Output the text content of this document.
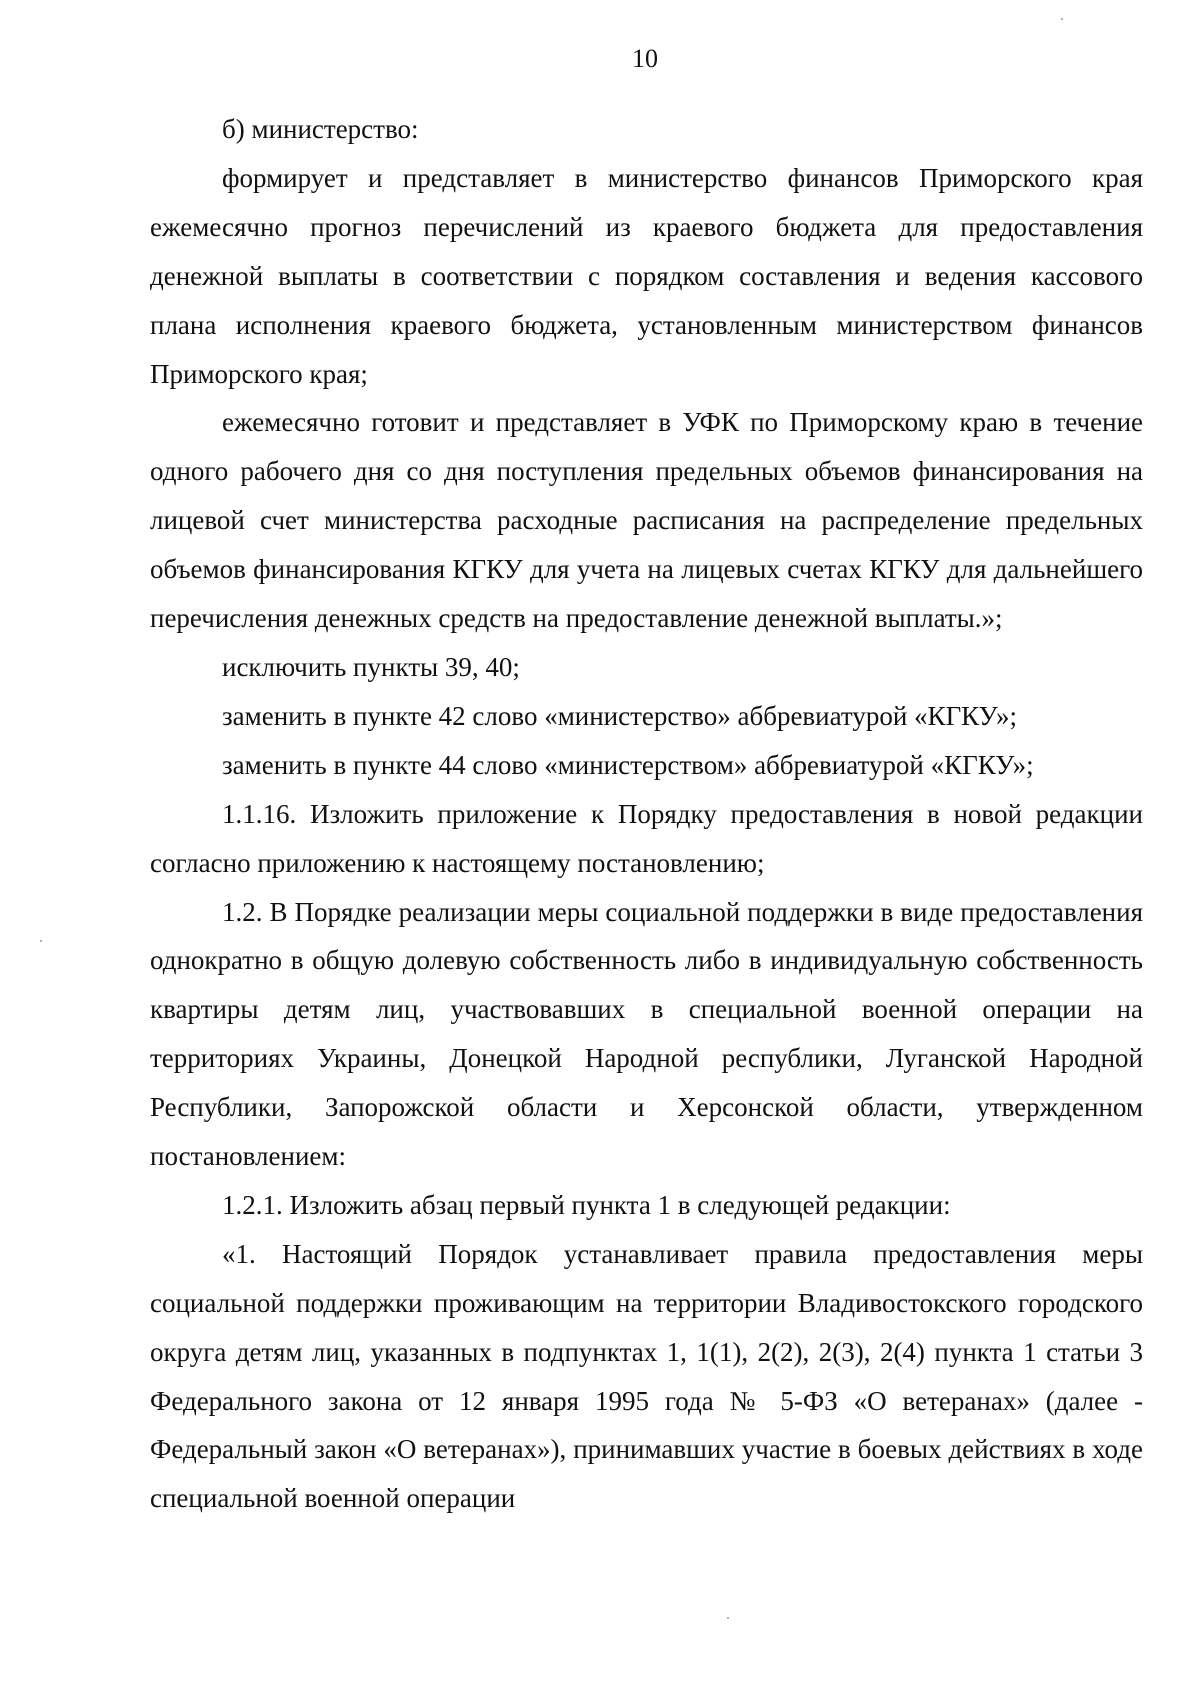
10

б) министерство:

формирует и представляет в министерство финансов Приморского края ежемесячно прогноз перечислений из краевого бюджета для предоставления денежной выплаты в соответствии с порядком составления и ведения кассового плана исполнения краевого бюджета, установленным министерством финансов Приморского края;

ежемесячно готовит и представляет в УФК по Приморскому краю в течение одного рабочего дня со дня поступления предельных объемов финансирования на лицевой счет министерства расходные расписания на распределение предельных объемов финансирования КГКУ для учета на лицевых счетах КГКУ для дальнейшего перечисления денежных средств на предоставление денежной выплаты.»;

исключить пункты 39, 40;

заменить в пункте 42 слово «министерство» аббревиатурой «КГКУ»;

заменить в пункте 44 слово «министерством» аббревиатурой «КГКУ»;

1.1.16. Изложить приложение к Порядку предоставления в новой редакции согласно приложению к настоящему постановлению;

1.2. В Порядке реализации меры социальной поддержки в виде предоставления однократно в общую долевую собственность либо в индивидуальную собственность квартиры детям лиц, участвовавших в специальной военной операции на территориях Украины, Донецкой Народной республики, Луганской Народной Республики, Запорожской области и Херсонской области, утвержденном постановлением:

1.2.1. Изложить абзац первый пункта 1 в следующей редакции:

«1. Настоящий Порядок устанавливает правила предоставления меры социальной поддержки проживающим на территории Владивостокского городского округа детям лиц, указанных в подпунктах 1, 1(1), 2(2), 2(3), 2(4) пункта 1 статьи 3 Федерального закона от 12 января 1995 года № 5-ФЗ «О ветеранах» (далее - Федеральный закон «О ветеранах»), принимавших участие в боевых действиях в ходе специальной военной операции
